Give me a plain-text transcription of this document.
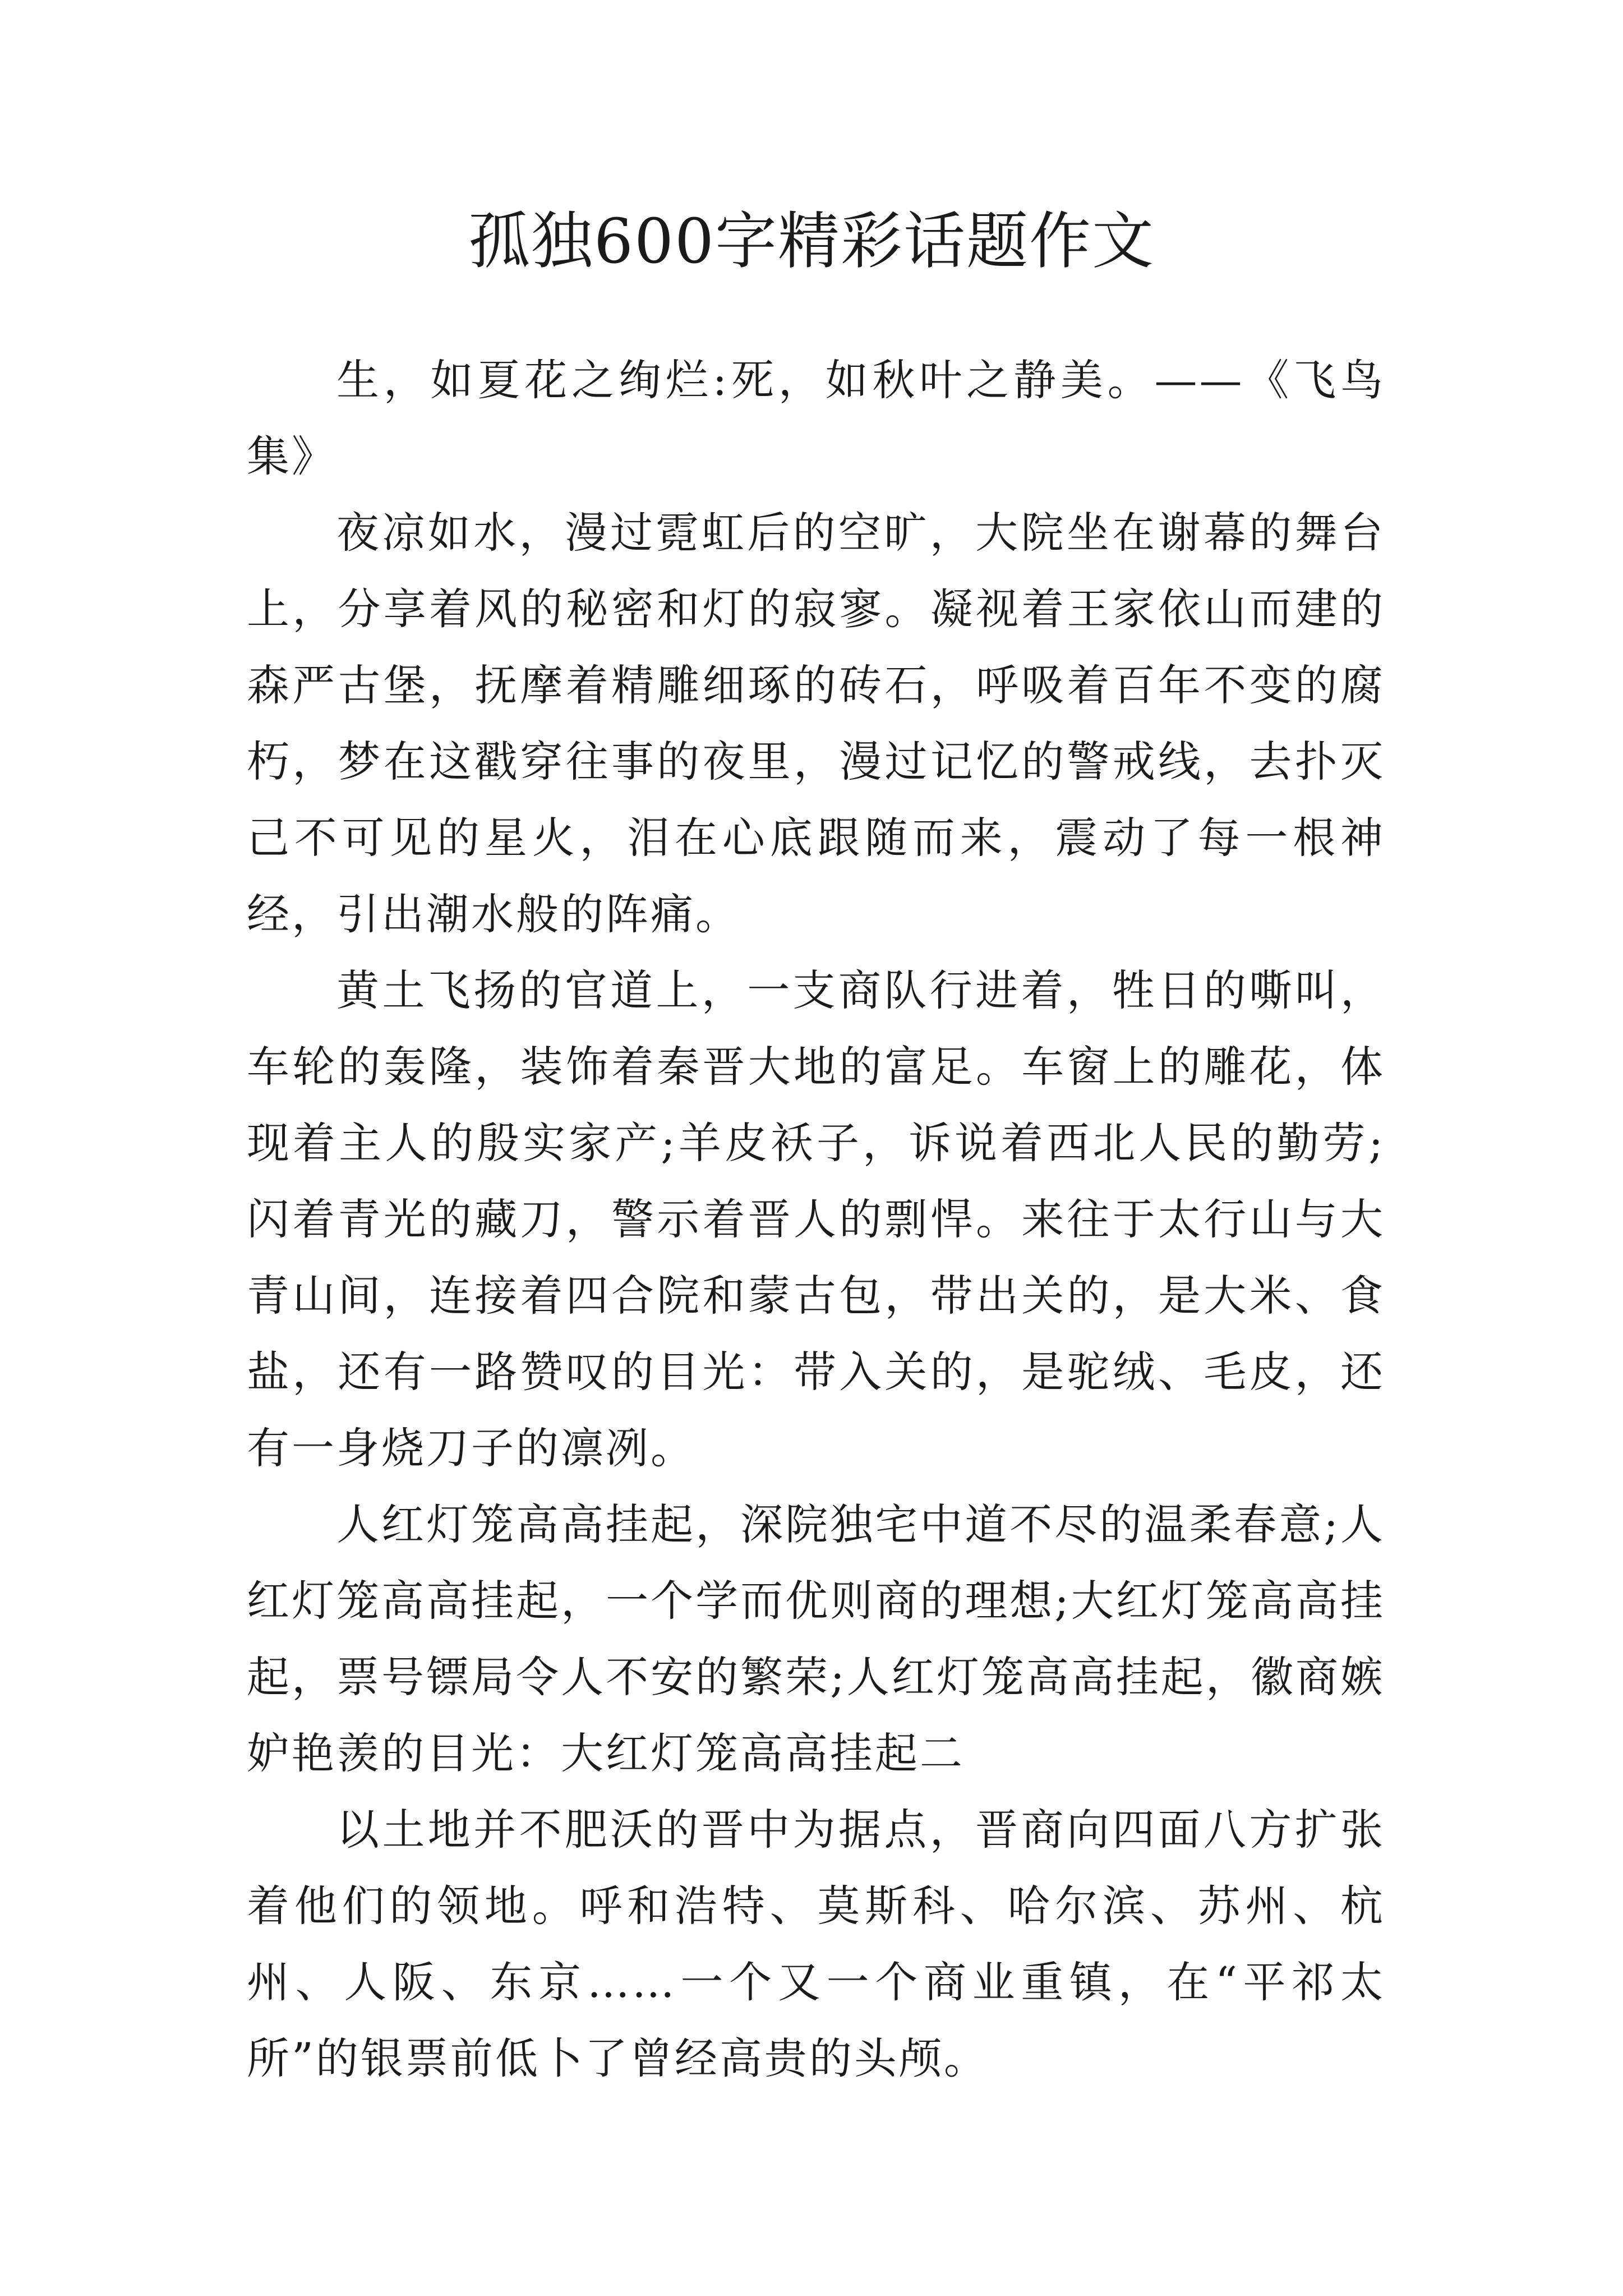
孤独600字精彩话题作文

生，如夏花之绚烂:死，如秋叶之静美。——《飞鸟集》

夜凉如水，漫过霓虹后的空旷，大院坐在谢幕的舞台上，分享着风的秘密和灯的寂寥。凝视着王家依山而建的森严古堡，抚摩着精雕细琢的砖石，呼吸着百年不变的腐朽，梦在这戳穿往事的夜里，漫过记忆的警戒线，去扑灭己不可见的星火，泪在心底跟随而来，震动了每一根神经，引出潮水般的阵痛。

黄土飞扬的官道上，一支商队行进着，牲日的嘶叫，车轮的轰隆，装饰着秦晋大地的富足。车窗上的雕花，体现着主人的殷实家产;羊皮袄子，诉说着西北人民的勤劳;闪着青光的藏刀，警示着晋人的剽悍。来往于太行山与大青山间，连接着四合院和蒙古包，带出关的，是大米、食盐，还有一路赞叹的目光：带入关的，是驼绒、毛皮，还有一身烧刀子的凛冽。

人红灯笼高高挂起，深院独宅中道不尽的温柔春意;人红灯笼高高挂起，一个学而优则商的理想;大红灯笼高高挂起，票号镖局令人不安的繁荣;人红灯笼高高挂起，徽商嫉妒艳羡的目光：大红灯笼高高挂起二

以土地并不肥沃的晋中为据点，晋商向四面八方扩张着他们的领地。呼和浩特、莫斯科、哈尔滨、苏州、杭州、人阪、东京……一个又一个商业重镇，在“平祁太所”的银票前低卜了曾经高贵的头颅。
